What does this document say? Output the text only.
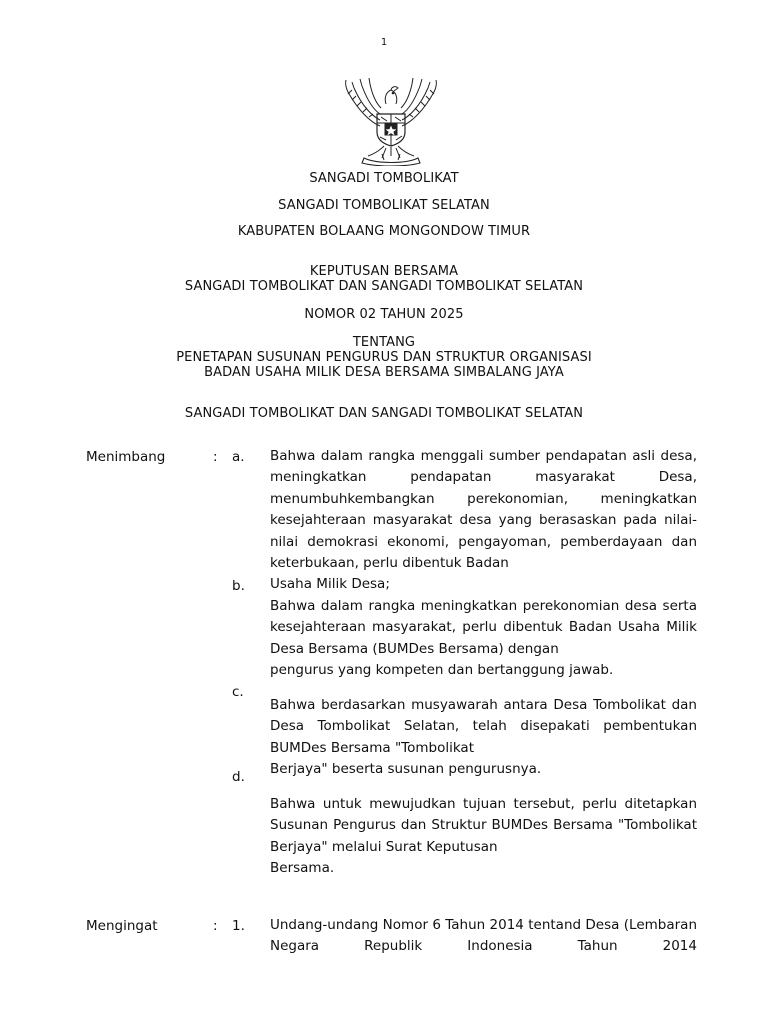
1
SANGADI TOMBOLIKAT
SANGADI TOMBOLIKAT SELATAN
KABUPATEN BOLAANG MONGONDOW TIMUR
KEPUTUSAN BERSAMA
SANGADI TOMBOLIKAT DAN SANGADI TOMBOLIKAT SELATAN
NOMOR 02 TAHUN 2025
TENTANG
PENETAPAN SUSUNAN PENGURUS DAN STRUKTUR ORGANISASI
BADAN USAHA MILIK DESA BERSAMA SIMBALANG JAYA
SANGADI TOMBOLIKAT DAN SANGADI TOMBOLIKAT SELATAN
Menimbang	: a.
b.
c.
d.
Bahwa dalam rangka menggali sumber pendapatan asli desa, meningkatkan pendapatan masyarakat Desa, menumbuhkembangkan perekonomian, meningkatkan kesejahteraan masyarakat desa yang berasaskan pada nilai-nilai demokrasi ekonomi, pengayoman, pemberdayaan dan keterbukaan, perlu dibentuk Badan
Usaha Milik Desa;
Bahwa dalam rangka meningkatkan perekonomian desa serta kesejahteraan masyarakat, perlu dibentuk Badan Usaha Milik Desa Bersama (BUMDes Bersama) dengan
pengurus yang kompeten dan bertanggung jawab.
Bahwa berdasarkan musyawarah antara Desa Tombolikat dan Desa Tombolikat Selatan, telah disepakati pembentukan BUMDes Bersama "Tombolikat
Berjaya" beserta susunan pengurusnya.
Bahwa untuk mewujudkan tujuan tersebut, perlu ditetapkan Susunan Pengurus dan Struktur BUMDes Bersama "Tombolikat Berjaya" melalui Surat Keputusan
Bersama.
Mengingat	: 1. Undang-undang Nomor 6 Tahun 2014 tentand Desa (Lembaran Negara Republik Indonesia Tahun 2014
